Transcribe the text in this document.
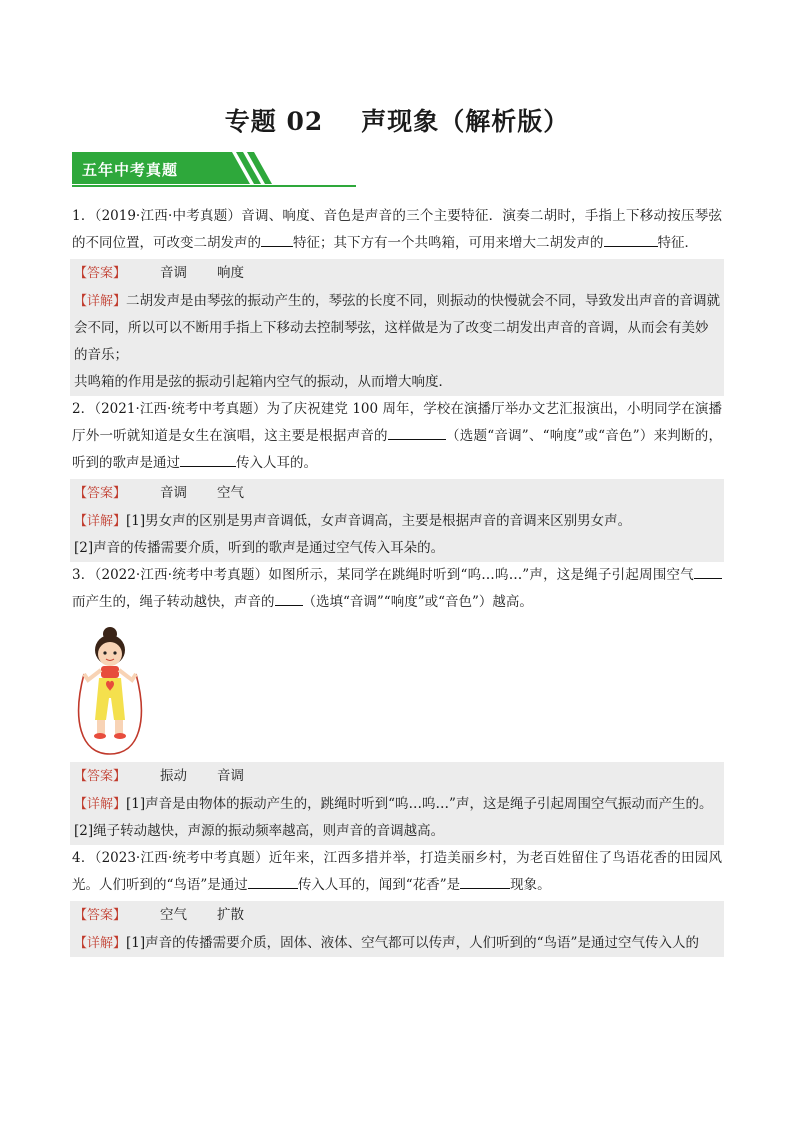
专题 02 声现象（解析版）
五年中考真题

1．（2019·江西·中考真题）音调、响度、音色是声音的三个主要特征．演奏二胡时，手指上下移动按压琴弦的不同位置，可改变二胡发声的 特征；其下方有一个共鸣箱，可用来增大二胡发声的	特征．

【答案】	音调 响度

【详解】二胡发声是由琴弦的振动产生的，琴弦的长度不同，则振动的快慢就会不同，导致发出声音的音调就会不同，所以可以不断用手指上下移动去控制琴弦，这样做是为了改变二胡发出声音的音调，从而会有美妙的音乐；

共鸣箱的作用是弦的振动引起箱内空气的振动，从而增大响度．

2．（2021·江西·统考中考真题）为了庆祝建党 100 周年，学校在演播厅举办文艺汇报演出，小明同学在演播厅外一听就知道是女生在演唱，这主要是根据声音的	（选题“音调”、“响度”或“音色”）来判断的，听到的歌声是通过	传入人耳的。

【答案】	音调 空气

【详解】[1]男女声的区别是男声音调低，女声音调高，主要是根据声音的音调来区别男女声。

[2]声音的传播需要介质，听到的歌声是通过空气传入耳朵的。

3．（2022·江西·统考中考真题）如图所示，某同学在跳绳时听到“呜…呜…”声，这是绳子引起周围空气而产生的，绳子转动越快，声音的 （选填“音调”“响度”或“音色”）越高。

【答案】	振动 音调

【详解】[1]声音是由物体的振动产生的，跳绳时听到“呜…呜…”声，这是绳子引起周围空气振动而产生的。

[2]绳子转动越快，声源的振动频率越高，则声音的音调越高。

4．（2023·江西·统考中考真题）近年来，江西多措并举，打造美丽乡村，为老百姓留住了鸟语花香的田园风光。人们听到的“鸟语”是通过	传入人耳的，闻到“花香”是	现象。

【答案】	空气 扩散

【详解】[1]声音的传播需要介质，固体、液体、空气都可以传声，人们听到的“鸟语”是通过空气传入人的
